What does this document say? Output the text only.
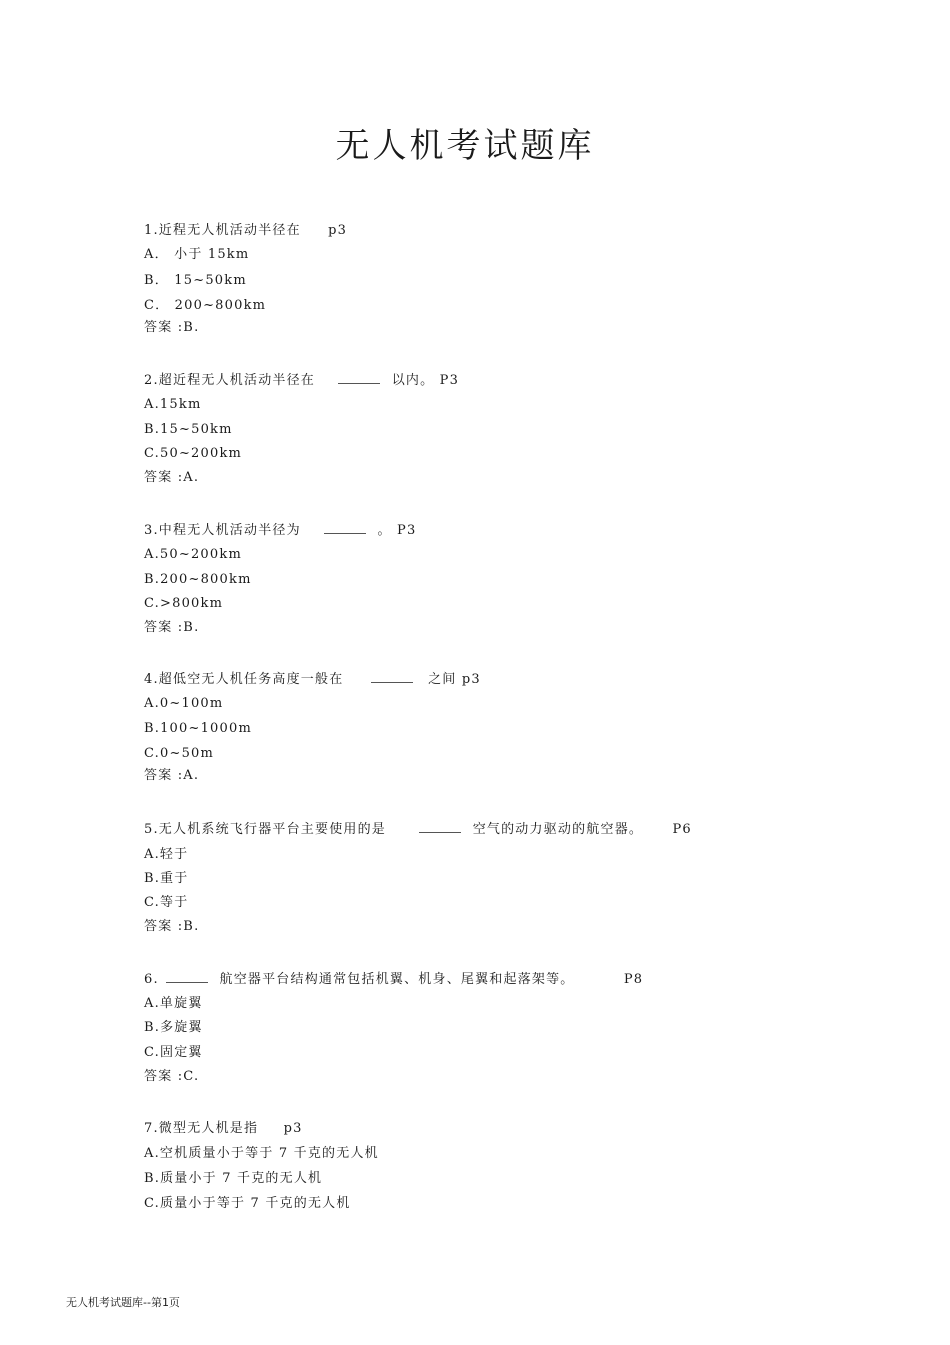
无人机考试题库
1.近程无人机活动半径在 p3
A． 小于 15km
B． 15~50km
C． 200~800km
答案 :B.
2.超近程无人机活动半径在	以内。 P3
A.15km
B.15~50km
C.50~200km
答案 :A.
3.中程无人机活动半径为	。 P3
A.50~200km
B.200~800km
C.>800km
答案 :B.
4.超低空无人机任务高度一般在	之间 p3
A.0~100m
B.100~1000m
C.0~50m
答案 :A.
5.无人机系统飞行器平台主要使用的是	空气的动力驱动的航空器。 P6
A.轻于
B.重于
C.等于
答案 :B.
6.	航空器平台结构通常包括机翼、机身、尾翼和起落架等。	P8
A.单旋翼
B.多旋翼
C.固定翼
答案 :C.
7.微型无人机是指 p3
A.空机质量小于等于 7 千克的无人机
B.质量小于 7 千克的无人机
C.质量小于等于 7 千克的无人机
无人机考试题库--第1页
